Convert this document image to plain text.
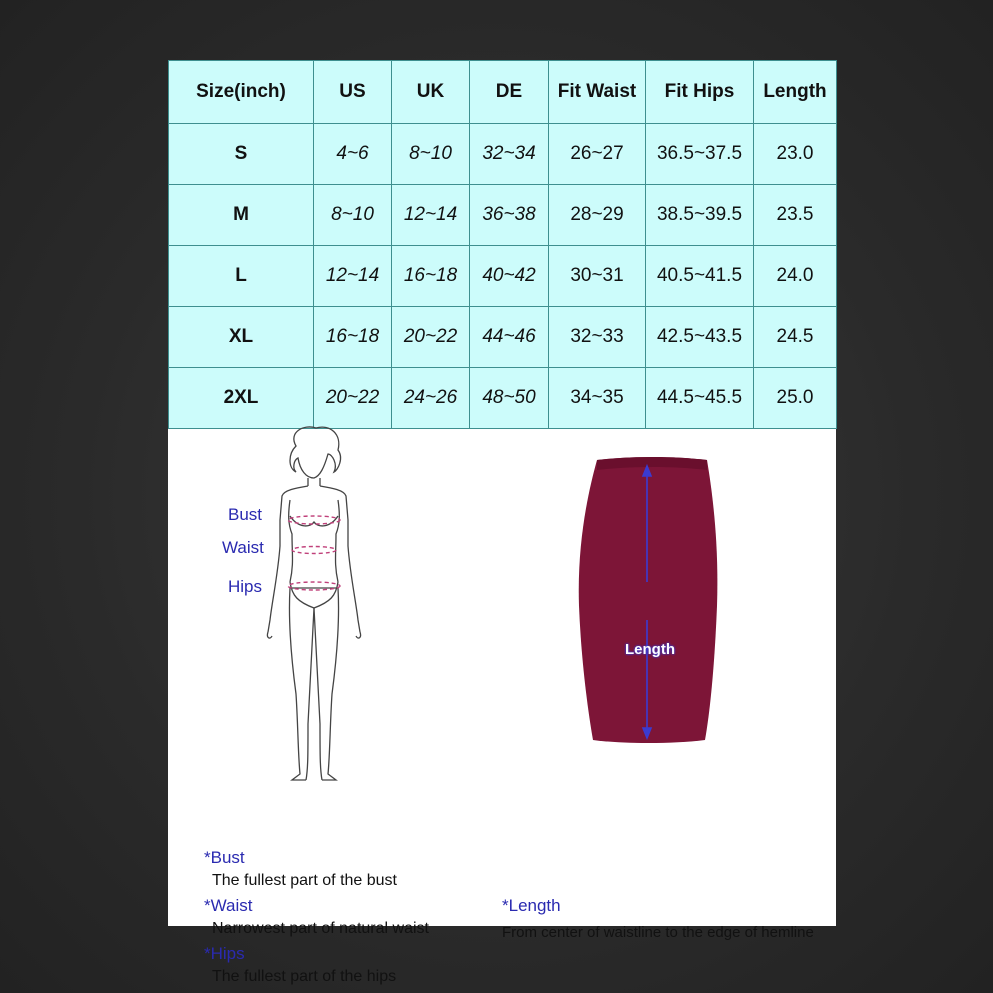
Size(inch)	US	UK	DE	Fit Waist	Fit Hips	Length
S	4~6	8~10	32~34	26~27	36.5~37.5	23.0
M	8~10	12~14	36~38	28~29	38.5~39.5	23.5
L	12~14	16~18	40~42	30~31	40.5~41.5	24.0
XL	16~18	20~22	44~46	32~33	42.5~43.5	24.5
2XL	20~22	24~26	48~50	34~35	44.5~45.5	25.0
Bust
Waist
Hips
Length
*Bust
The fullest part of the bust
*Waist
Narrowest part of natural waist
*Hips
The fullest part of the hips
*Length
From center of waistline to the edge of hemline
